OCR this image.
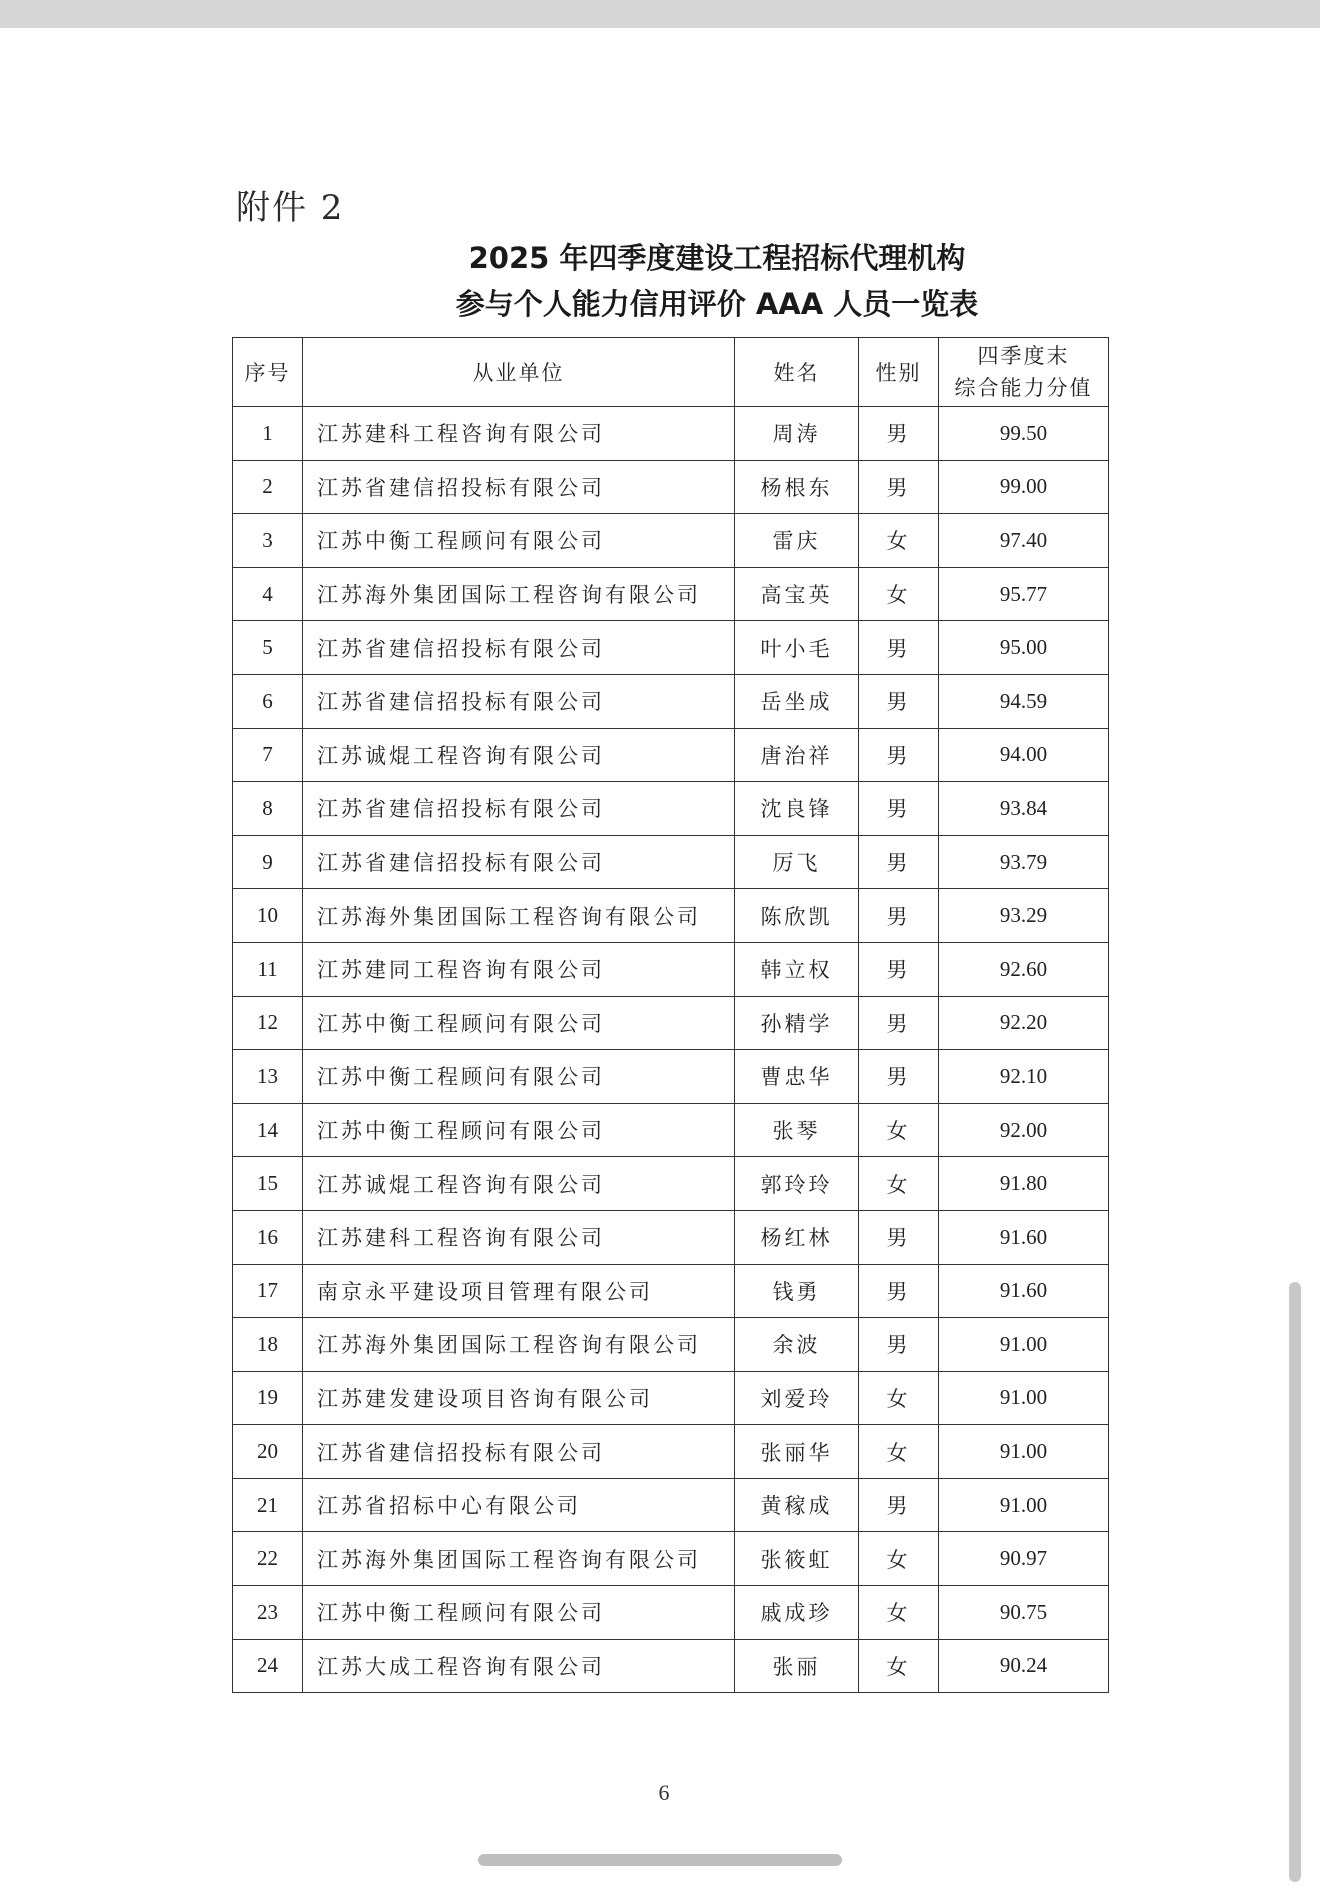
附件 2
2025 年四季度建设工程招标代理机构
参与个人能力信用评价 AAA 人员一览表
序号	从业单位	姓名	性别	四季度末
综合能力分值

1	江苏建科工程咨询有限公司	周涛	男	99.50
2	江苏省建信招投标有限公司	杨根东	男	99.00
3	江苏中衡工程顾问有限公司	雷庆	女	97.40
4	江苏海外集团国际工程咨询有限公司	高宝英	女	95.77
5	江苏省建信招投标有限公司	叶小毛	男	95.00
6	江苏省建信招投标有限公司	岳坐成	男	94.59
7	江苏诚焜工程咨询有限公司	唐治祥	男	94.00
8	江苏省建信招投标有限公司	沈良锋	男	93.84
9	江苏省建信招投标有限公司	厉飞	男	93.79
10	江苏海外集团国际工程咨询有限公司	陈欣凯	男	93.29
11	江苏建同工程咨询有限公司	韩立权	男	92.60
12	江苏中衡工程顾问有限公司	孙精学	男	92.20
13	江苏中衡工程顾问有限公司	曹忠华	男	92.10
14	江苏中衡工程顾问有限公司	张琴	女	92.00
15	江苏诚焜工程咨询有限公司	郭玲玲	女	91.80
16	江苏建科工程咨询有限公司	杨红林	男	91.60
17	南京永平建设项目管理有限公司	钱勇	男	91.60
18	江苏海外集团国际工程咨询有限公司	余波	男	91.00
19	江苏建发建设项目咨询有限公司	刘爱玲	女	91.00
20	江苏省建信招投标有限公司	张丽华	女	91.00
21	江苏省招标中心有限公司	黄稼成	男	91.00
22	江苏海外集团国际工程咨询有限公司	张筱虹	女	90.97
23	江苏中衡工程顾问有限公司	戚成珍	女	90.75
24	江苏大成工程咨询有限公司	张丽	女	90.24
6
